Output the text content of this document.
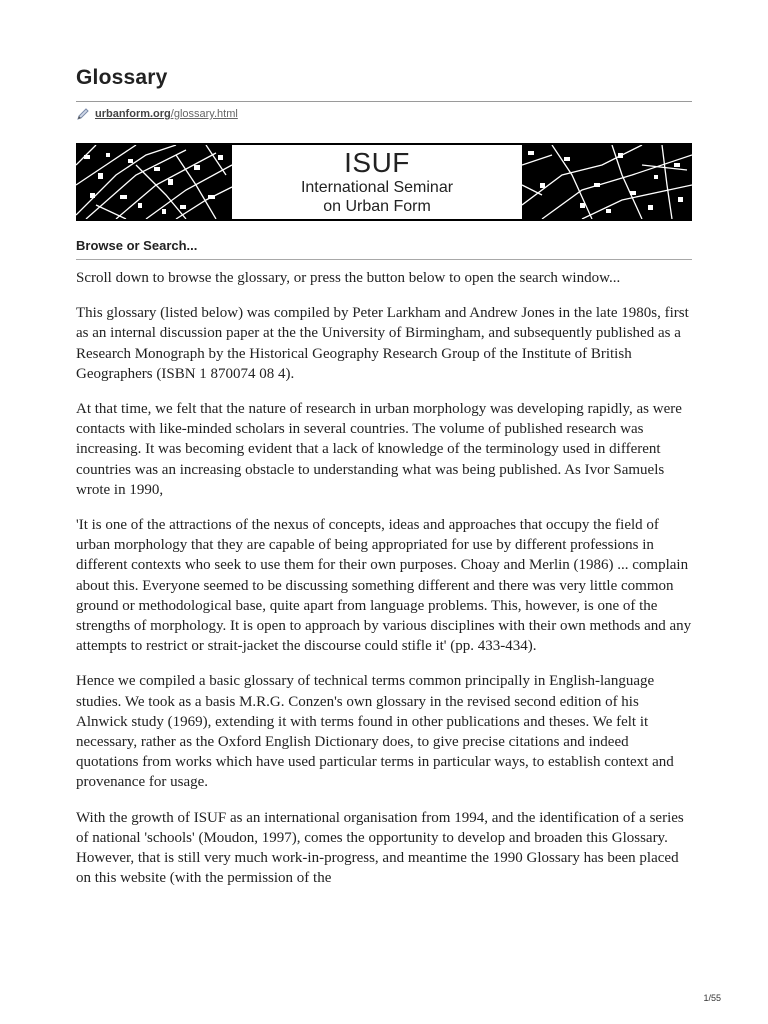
Glossary
urbanform.org /glossary.html
ISUF
International Seminar
on Urban Form
Browse or Search...

Scroll down to browse the glossary, or press the button below to open the search window...

This glossary (listed below) was compiled by Peter Larkham and Andrew Jones in the late 1980s, first as an internal discussion paper at the the University of Birmingham, and subsequently published as a Research Monograph by the Historical Geography Research Group of the Institute of British Geographers (ISBN 1 870074 08 4).

At that time, we felt that the nature of research in urban morphology was developing rapidly, as were contacts with like-minded scholars in several countries. The volume of published research was increasing. It was becoming evident that a lack of knowledge of the terminology used in different countries was an increasing obstacle to understanding what was being published. As Ivor Samuels wrote in 1990,

'It is one of the attractions of the nexus of concepts, ideas and approaches that occupy the field of urban morphology that they are capable of being appropriated for use by different professions in different contexts who seek to use them for their own purposes. Choay and Merlin (1986) ... complain about this. Everyone seemed to be discussing something different and there was very little common ground or methodological base, quite apart from language problems. This, however, is one of the strengths of morphology. It is open to approach by various disciplines with their own methods and any attempts to restrict or strait-jacket the discourse could stifle it' (pp. 433-434).

Hence we compiled a basic glossary of technical terms common principally in English-language studies. We took as a basis M.R.G. Conzen's own glossary in the revised second edition of his Alnwick study (1969), extending it with terms found in other publications and theses. We felt it necessary, rather as the Oxford English Dictionary does, to give precise citations and indeed quotations from works which have used particular terms in particular ways, to establish context and provenance for usage.

With the growth of ISUF as an international organisation from 1994, and the identification of a series of national 'schools' (Moudon, 1997), comes the opportunity to develop and broaden this Glossary. However, that is still very much work-in-progress, and meantime the 1990 Glossary has been placed on this website (with the permission of the

1/55
